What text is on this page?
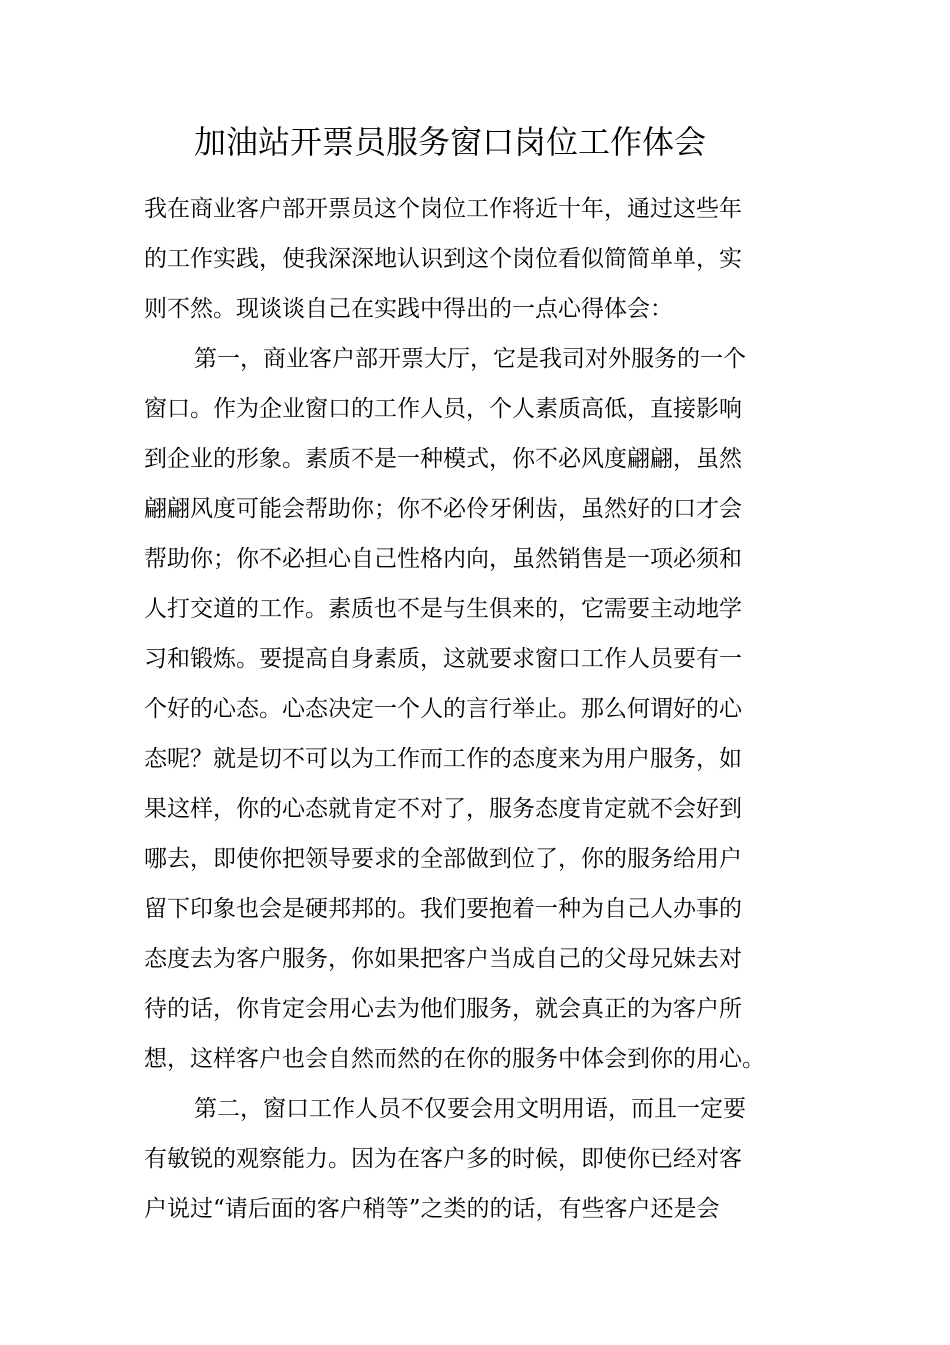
加油站开票员服务窗口岗位工作体会
我在商业客户部开票员这个岗位工作将近十年，通过这些年
的工作实践，使我深深地认识到这个岗位看似简简单单，实
则不然。现谈谈自己在实践中得出的一点心得体会：
第一，商业客户部开票大厅，它是我司对外服务的一个
窗口。作为企业窗口的工作人员，个人素质高低，直接影响
到企业的形象。素质不是一种模式，你不必风度翩翩，虽然
翩翩风度可能会帮助你；你不必伶牙俐齿，虽然好的口才会
帮助你；你不必担心自己性格内向，虽然销售是一项必须和
人打交道的工作。素质也不是与生俱来的，它需要主动地学
习和锻炼。要提高自身素质，这就要求窗口工作人员要有一
个好的心态。心态决定一个人的言行举止。那么何谓好的心
态呢？就是切不可以为工作而工作的态度来为用户服务，如
果这样，你的心态就肯定不对了，服务态度肯定就不会好到
哪去，即使你把领导要求的全部做到位了，你的服务给用户
留下印象也会是硬邦邦的。我们要抱着一种为自己人办事的
态度去为客户服务，你如果把客户当成自己的父母兄妹去对
待的话，你肯定会用心去为他们服务，就会真正的为客户所
想，这样客户也会自然而然的在你的服务中体会到你的用心。
第二，窗口工作人员不仅要会用文明用语，而且一定要
有敏锐的观察能力。因为在客户多的时候，即使你已经对客
户说过“请后面的客户稍等”之类的的话，有些客户还是会
